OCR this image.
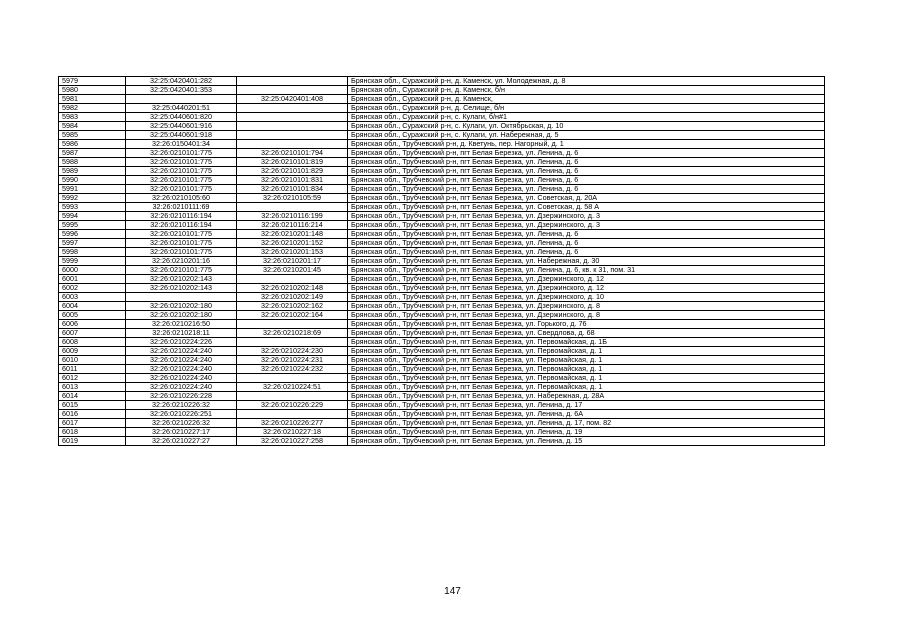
5979	32:25:0420401:282		Брянская обл., Суражский р-н, д. Каменск, ул. Молодежная, д. 8
5980	32:25:0420401:353		Брянская обл., Суражский р-н, д. Каменск, б/н
5981		32:25:0420401:408	Брянская обл., Суражский р-н, д. Каменск,
5982	32:25:0440201:51		Брянская обл., Суражский р-н, д. Селище, б/н
5983	32:25:0440601:820		Брянская обл., Суражский р-н, с. Кулаги, б/н#1
5984	32:25:0440601:916		Брянская обл., Суражский р-н, с. Кулаги, ул. Октябрьская, д. 10
5985	32:25:0440601:918		Брянская обл., Суражский р-н, с. Кулаги, ул. Набережная, д. 5
5986	32:26:0150401:34		Брянская обл., Трубчевский р-н, д. Кветунь, пер. Нагорный, д. 1
5987	32:26:0210101:775	32:26:0210101:794	Брянская обл., Трубчевский р-н, пгт Белая Березка, ул. Ленина, д. 6
5988	32:26:0210101:775	32:26:0210101:819	Брянская обл., Трубчевский р-н, пгт Белая Березка, ул. Ленина, д. 6
5989	32:26:0210101:775	32:26:0210101:829	Брянская обл., Трубчевский р-н, пгт Белая Березка, ул. Ленина, д. 6
5990	32:26:0210101:775	32:26:0210101:831	Брянская обл., Трубчевский р-н, пгт Белая Березка, ул. Ленина, д. 6
5991	32:26:0210101:775	32:26:0210101:834	Брянская обл., Трубчевский р-н, пгт Белая Березка, ул. Ленина, д. 6
5992	32:26:0210105:60	32:26:0210105:59	Брянская обл., Трубчевский р-н, пгт Белая Березка, ул. Советская, д. 20А
5993	32:26:0210111:69		Брянская обл., Трубчевский р-н, пгт Белая Березка, ул. Советская, д. 58 А
5994	32:26:0210116:194	32:26:0210116:199	Брянская обл., Трубчевский р-н, пгт Белая Березка, ул. Дзержинского, д. 3
5995	32:26:0210116:194	32:26:0210116:214	Брянская обл., Трубчевский р-н, пгт Белая Березка, ул. Дзержинского, д. 3
5996	32:26:0210101:775	32:26:0210201:148	Брянская обл., Трубчевский р-н, пгт Белая Березка, ул. Ленина, д. 6
5997	32:26:0210101:775	32:26:0210201:152	Брянская обл., Трубчевский р-н, пгт Белая Березка, ул. Ленина, д. 6
5998	32:26:0210101:775	32:26:0210201:153	Брянская обл., Трубчевский р-н, пгт Белая Березка, ул. Ленина, д. 6
5999	32:26:0210201:16	32:26:0210201:17	Брянская обл., Трубчевский р-н, пгт Белая Березка, ул. Набережная, д. 30
6000	32:26:0210101:775	32:26:0210201:45	Брянская обл., Трубчевский р-н, пгт Белая Березка, ул. Ленина, д. 6, кв. к 31, пом. 31
6001	32:26:0210202:143		Брянская обл., Трубчевский р-н, пгт Белая Березка, ул. Дзержинского, д. 12
6002	32:26:0210202:143	32:26:0210202:148	Брянская обл., Трубчевский р-н, пгт Белая Березка, ул. Дзержинского, д. 12
6003		32:26:0210202:149	Брянская обл., Трубчевский р-н, пгт Белая Березка, ул. Дзержинского, д. 10
6004	32:26:0210202:180	32:26:0210202:162	Брянская обл., Трубчевский р-н, пгт Белая Березка, ул. Дзержинского, д. 8
6005	32:26:0210202:180	32:26:0210202:164	Брянская обл., Трубчевский р-н, пгт Белая Березка, ул. Дзержинского, д. 8
6006	32:26:0210216:50		Брянская обл., Трубчевский р-н, пгт Белая Березка, ул. Горького, д. 76
6007	32:26:0210218:11	32:26:0210218:69	Брянская обл., Трубчевский р-н, пгт Белая Березка, ул. Свердлова, д. 68
6008	32:26:0210224:226		Брянская обл., Трубчевский р-н, пгт Белая Березка, ул. Первомайская, д. 1Б
6009	32:26:0210224:240	32:26:0210224:230	Брянская обл., Трубчевский р-н, пгт Белая Березка, ул. Первомайская, д. 1
6010	32:26:0210224:240	32:26:0210224:231	Брянская обл., Трубчевский р-н, пгт Белая Березка, ул. Первомайская, д. 1
6011	32:26:0210224:240	32:26:0210224:232	Брянская обл., Трубчевский р-н, пгт Белая Березка, ул. Первомайская, д. 1
6012	32:26:0210224:240		Брянская обл., Трубчевский р-н, пгт Белая Березка, ул. Первомайская, д. 1
6013	32:26:0210224:240	32:26:0210224:51	Брянская обл., Трубчевский р-н, пгт Белая Березка, ул. Первомайская, д. 1
6014	32:26:0210226:228		Брянская обл., Трубчевский р-н, пгт Белая Березка, ул. Набережная, д. 28А
6015	32:26:0210226:32	32:26:0210226:229	Брянская обл., Трубчевский р-н, пгт Белая Березка, ул. Ленина, д. 17
6016	32:26:0210226:251		Брянская обл., Трубчевский р-н, пгт Белая Березка, ул. Ленина, д. 6А
6017	32:26:0210226:32	32:26:0210226:277	Брянская обл., Трубчевский р-н, пгт Белая Березка, ул. Ленина, д. 17, пом. 82
6018	32:26:0210227:17	32:26:0210227:18	Брянская обл., Трубчевский р-н, пгт Белая Березка, ул. Ленина, д. 19
6019	32:26:0210227:27	32:26:0210227:258	Брянская обл., Трубчевский р-н, пгт Белая Березка, ул. Ленина, д. 15
147
